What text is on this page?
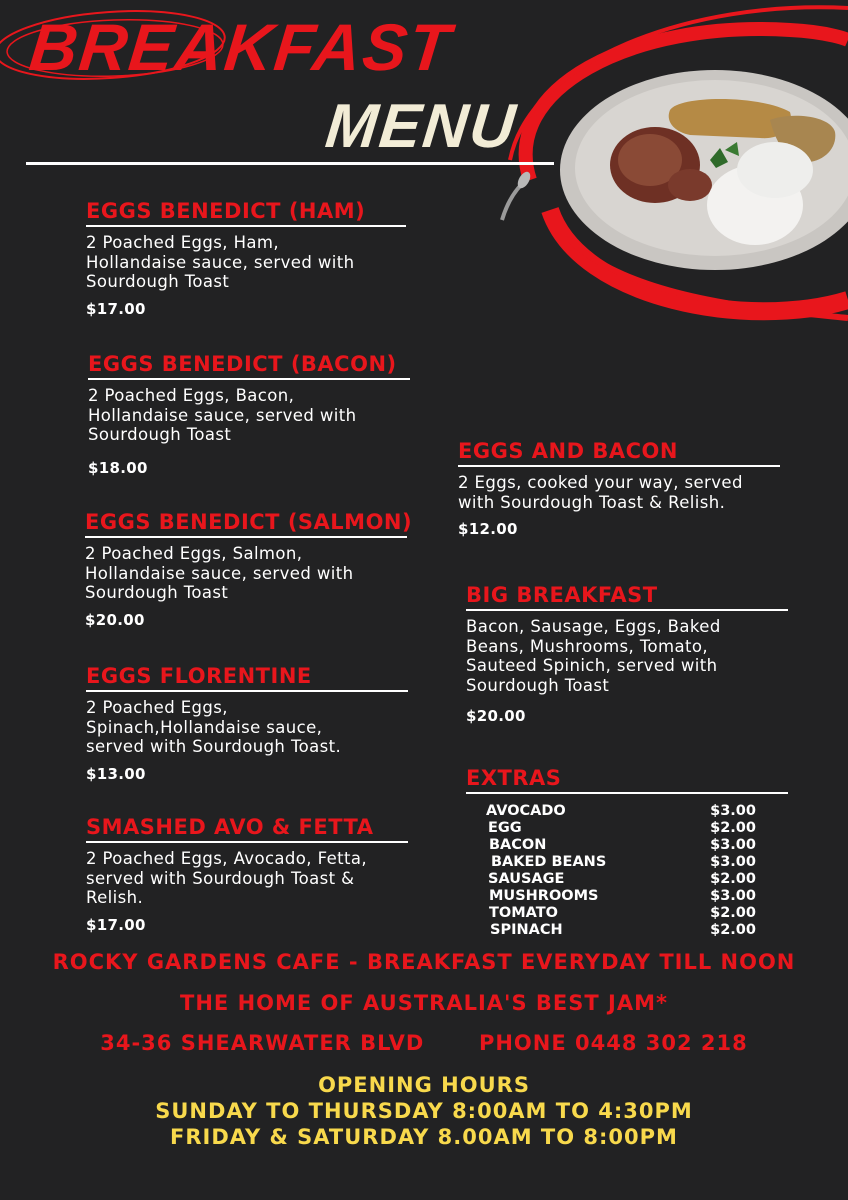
BREAKFAST
MENU
EGGS BENEDICT (HAM)
2 Poached Eggs, Ham,
Hollandaise sauce, served with
Sourdough Toast
$17.00
EGGS BENEDICT (BACON)
2 Poached Eggs, Bacon,
Hollandaise sauce, served with
Sourdough Toast
$18.00
EGGS BENEDICT (SALMON)
2 Poached Eggs, Salmon,
Hollandaise sauce, served with
Sourdough Toast
$20.00
EGGS FLORENTINE
2 Poached Eggs,
Spinach,Hollandaise sauce,
served with Sourdough Toast.
$13.00
SMASHED AVO & FETTA
2 Poached Eggs, Avocado, Fetta,
served with Sourdough Toast &
Relish.
$17.00
EGGS AND BACON
2 Eggs, cooked your way, served
with Sourdough Toast & Relish.
$12.00
BIG BREAKFAST
Bacon, Sausage, Eggs, Baked
Beans, Mushrooms, Tomato,
Sauteed Spinich, served with
Sourdough Toast
$20.00
EXTRAS
AVOCADO	$3.00
EGG	$2.00
BACON	$3.00
BAKED BEANS	$3.00
SAUSAGE	$2.00
MUSHROOMS	$3.00
TOMATO	$2.00
SPINACH	$2.00
ROCKY GARDENS CAFE - BREAKFAST EVERYDAY TILL NOON
THE HOME OF AUSTRALIA'S BEST JAM*
34-36 SHEARWATER BLVD	PHONE 0448 302 218
OPENING HOURS
SUNDAY TO THURSDAY 8:00AM TO 4:30PM
FRIDAY & SATURDAY 8.00AM TO 8:00PM
